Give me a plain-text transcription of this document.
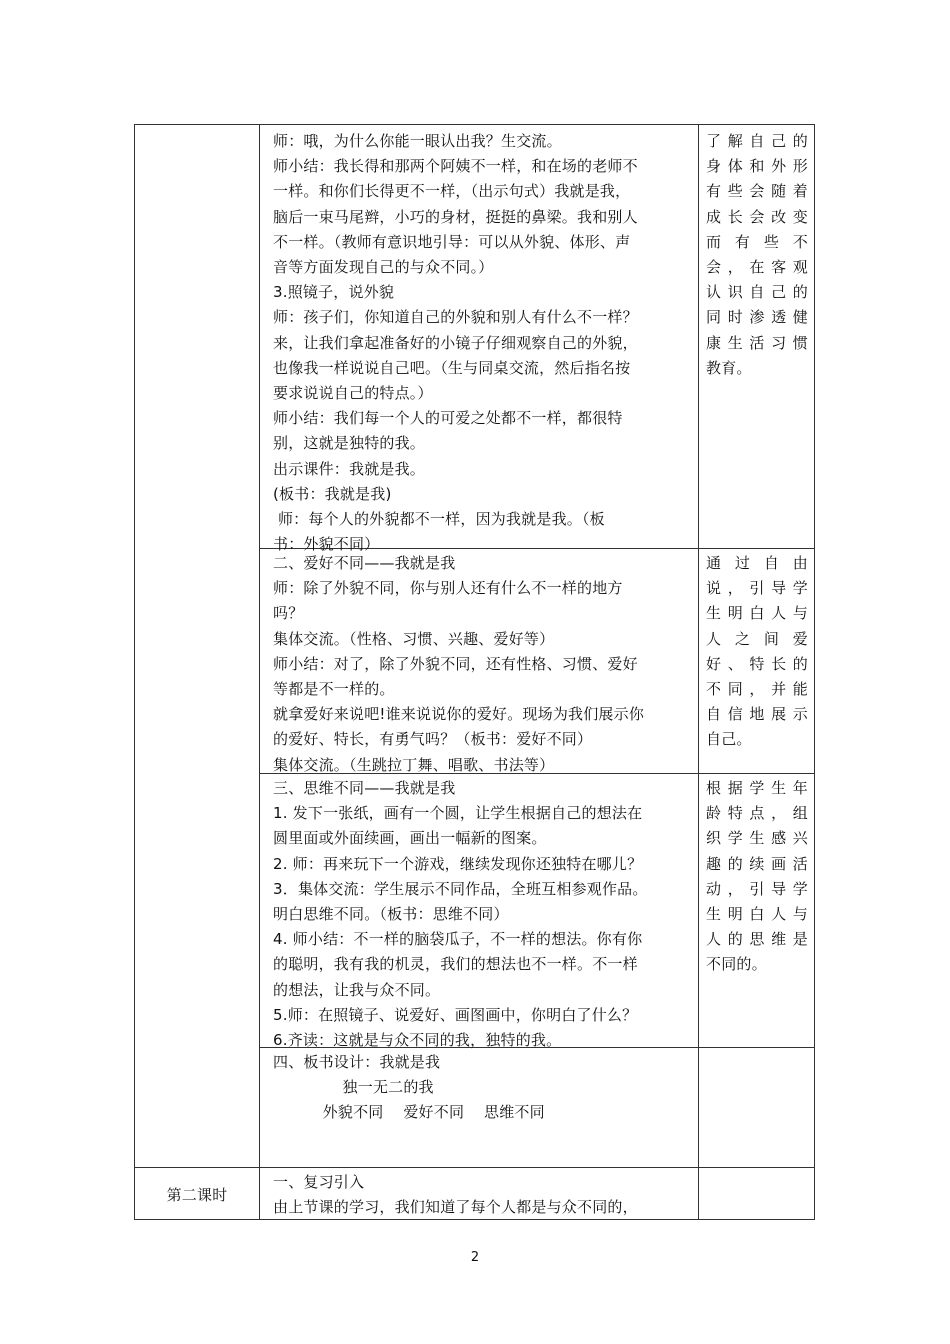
师：哦，为什么你能一眼认出我？生交流。
师小结：我长得和那两个阿姨不一样，和在场的老师不
一样。和你们长得更不一样，（出示句式）我就是我，
脑后一束马尾辫，小巧的身材，挺挺的鼻梁。我和别人
不一样。（教师有意识地引导：可以从外貌、体形、声
音等方面发现自己的与众不同。）
3.照镜子，说外貌
师：孩子们，你知道自己的外貌和别人有什么不一样？
来，让我们拿起准备好的小镜子仔细观察自己的外貌，
也像我一样说说自己吧。（生与同桌交流，然后指名按
要求说说自己的特点。）
师小结：我们每一个人的可爱之处都不一样，都很特
别，这就是独特的我。
出示课件：我就是我。
(板书：我就是我)
师：每个人的外貌都不一样，因为我就是我。（板
书：外貌不同）
了解自己的
身体和外形
有些会随着
成长会改变
而有些不
会，在客观
认识自己的
同时渗透健
康生活习惯
教育。
二、爱好不同——我就是我
师：除了外貌不同，你与别人还有什么不一样的地方
吗？
集体交流。（性格、习惯、兴趣、爱好等）
师小结：对了，除了外貌不同，还有性格、习惯、爱好
等都是不一样的。
就拿爱好来说吧!谁来说说你的爱好。现场为我们展示你
的爱好、特长，有勇气吗？（板书：爱好不同）
集体交流。（生跳拉丁舞、唱歌、书法等）
通过自由
说，引导学
生明白人与
人之间爱
好、特长的
不同，并能
自信地展示
自己。
三、思维不同——我就是我
1. 发下一张纸，画有一个圆，让学生根据自己的想法在
圆里面或外面续画，画出一幅新的图案。
2. 师：再来玩下一个游戏，继续发现你还独特在哪儿？
3．集体交流：学生展示不同作品，全班互相参观作品。
明白思维不同。（板书：思维不同）
4. 师小结：不一样的脑袋瓜子，不一样的想法。你有你
的聪明，我有我的机灵，我们的想法也不一样。不一样
的想法，让我与众不同。
5.师：在照镜子、说爱好、画图画中，你明白了什么？
6.齐读：这就是与众不同的我，独特的我。
根据学生年
龄特点，组
织学生感兴
趣的续画活
动，引导学
生明白人与
人的思维是
不同的。
四、板书设计：我就是我
独一无二的我
外貌不同    爱好不同    思维不同
第二课时
一、复习引入
由上节课的学习，我们知道了每个人都是与众不同的，
2
